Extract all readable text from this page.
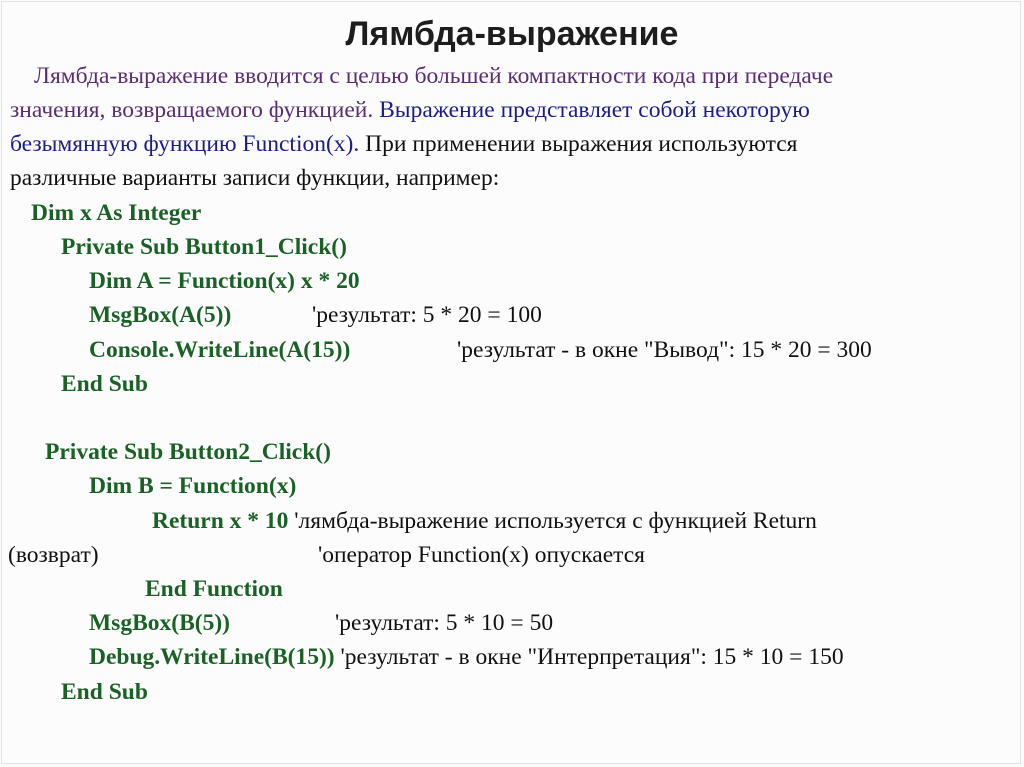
Лямбда-выражение
Лямбда-выражение вводится с целью большей компактности кода при передаче
значения, возвращаемого функцией. Выражение представляет собой некоторую
безымянную функцию Function(x). При применении выражения используются
различные варианты записи функции, например:
Dim x As Integer
Private Sub Button1_Click()
Dim A = Function(x) x * 20
MsgBox(A(5))	'результат: 5 * 20 = 100
Console.WriteLine(A(15))	'результат - в окне "Вывод": 15 * 20 = 300
End Sub
Private Sub Button2_Click()
Dim B = Function(x)
Return x * 10 'лямбда-выражение используется с функцией Return
(возврат)	'оператор Function(x) опускается
End Function
MsgBox(B(5))	'результат: 5 * 10 = 50
Debug.WriteLine(B(15)) 'результат - в окне "Интерпретация": 15 * 10 = 150
End Sub
